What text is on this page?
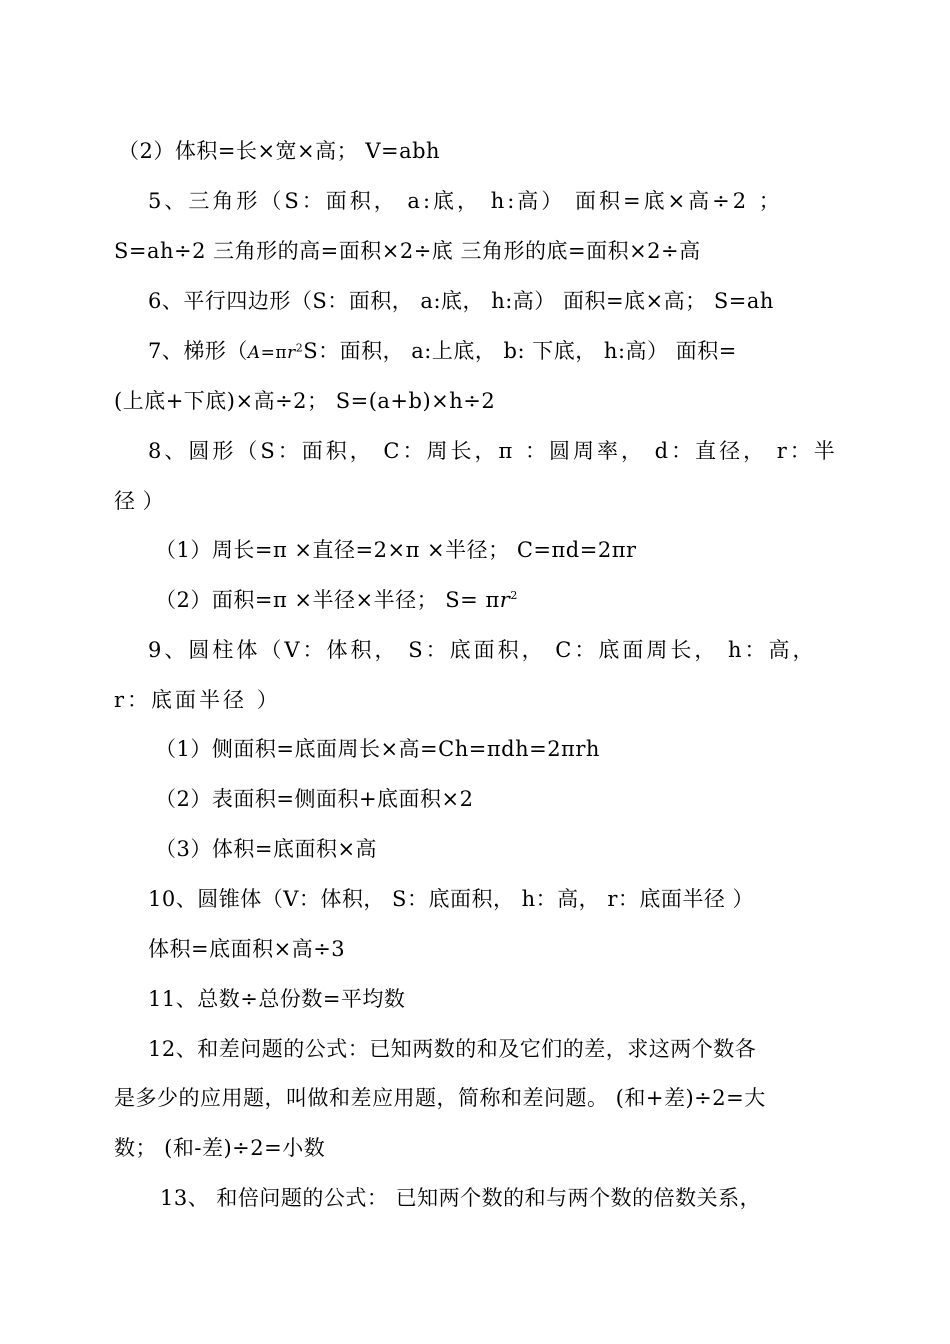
（2）体积=长×宽×高； V=abh
5、三角形（S：面积， a:底， h:高） 面积=底×高÷2 ；
S=ah÷2 三角形的高=面积×2÷底 三角形的底=面积×2÷高
6、平行四边形（S：面积， a:底， h:高） 面积=底×高； S=ah
7、梯形（$A=\pi r^2S$：面积， a:上底， b: 下底， h:高） 面积=
(上底+下底)×高÷2； S=(a+b)×h÷2
8、圆形（S：面积， C：周长，π ：圆周率， d：直径， r：半
径 ）
（1）周长=π ×直径=2×π ×半径； C=πd=2πr
（2）面积=π ×半径×半径； $S= \pi r^2$
9、圆柱体（V：体积， S：底面积， C：底面周长， h：高，
r：底面半径 ）
（1）侧面积=底面周长×高=Ch=πdh=2πrh
（2）表面积=侧面积+底面积×2
（3）体积=底面积×高
10、圆锥体（V：体积， S：底面积， h：高， r：底面半径 ）
体积=底面积×高÷3
11、总数÷总份数=平均数
12、和差问题的公式：已知两数的和及它们的差，求这两个数各
是多少的应用题，叫做和差应用题，简称和差问题。 (和+差)÷2=大
数； (和-差)÷2=小数
13、 和倍问题的公式： 已知两个数的和与两个数的倍数关系，
